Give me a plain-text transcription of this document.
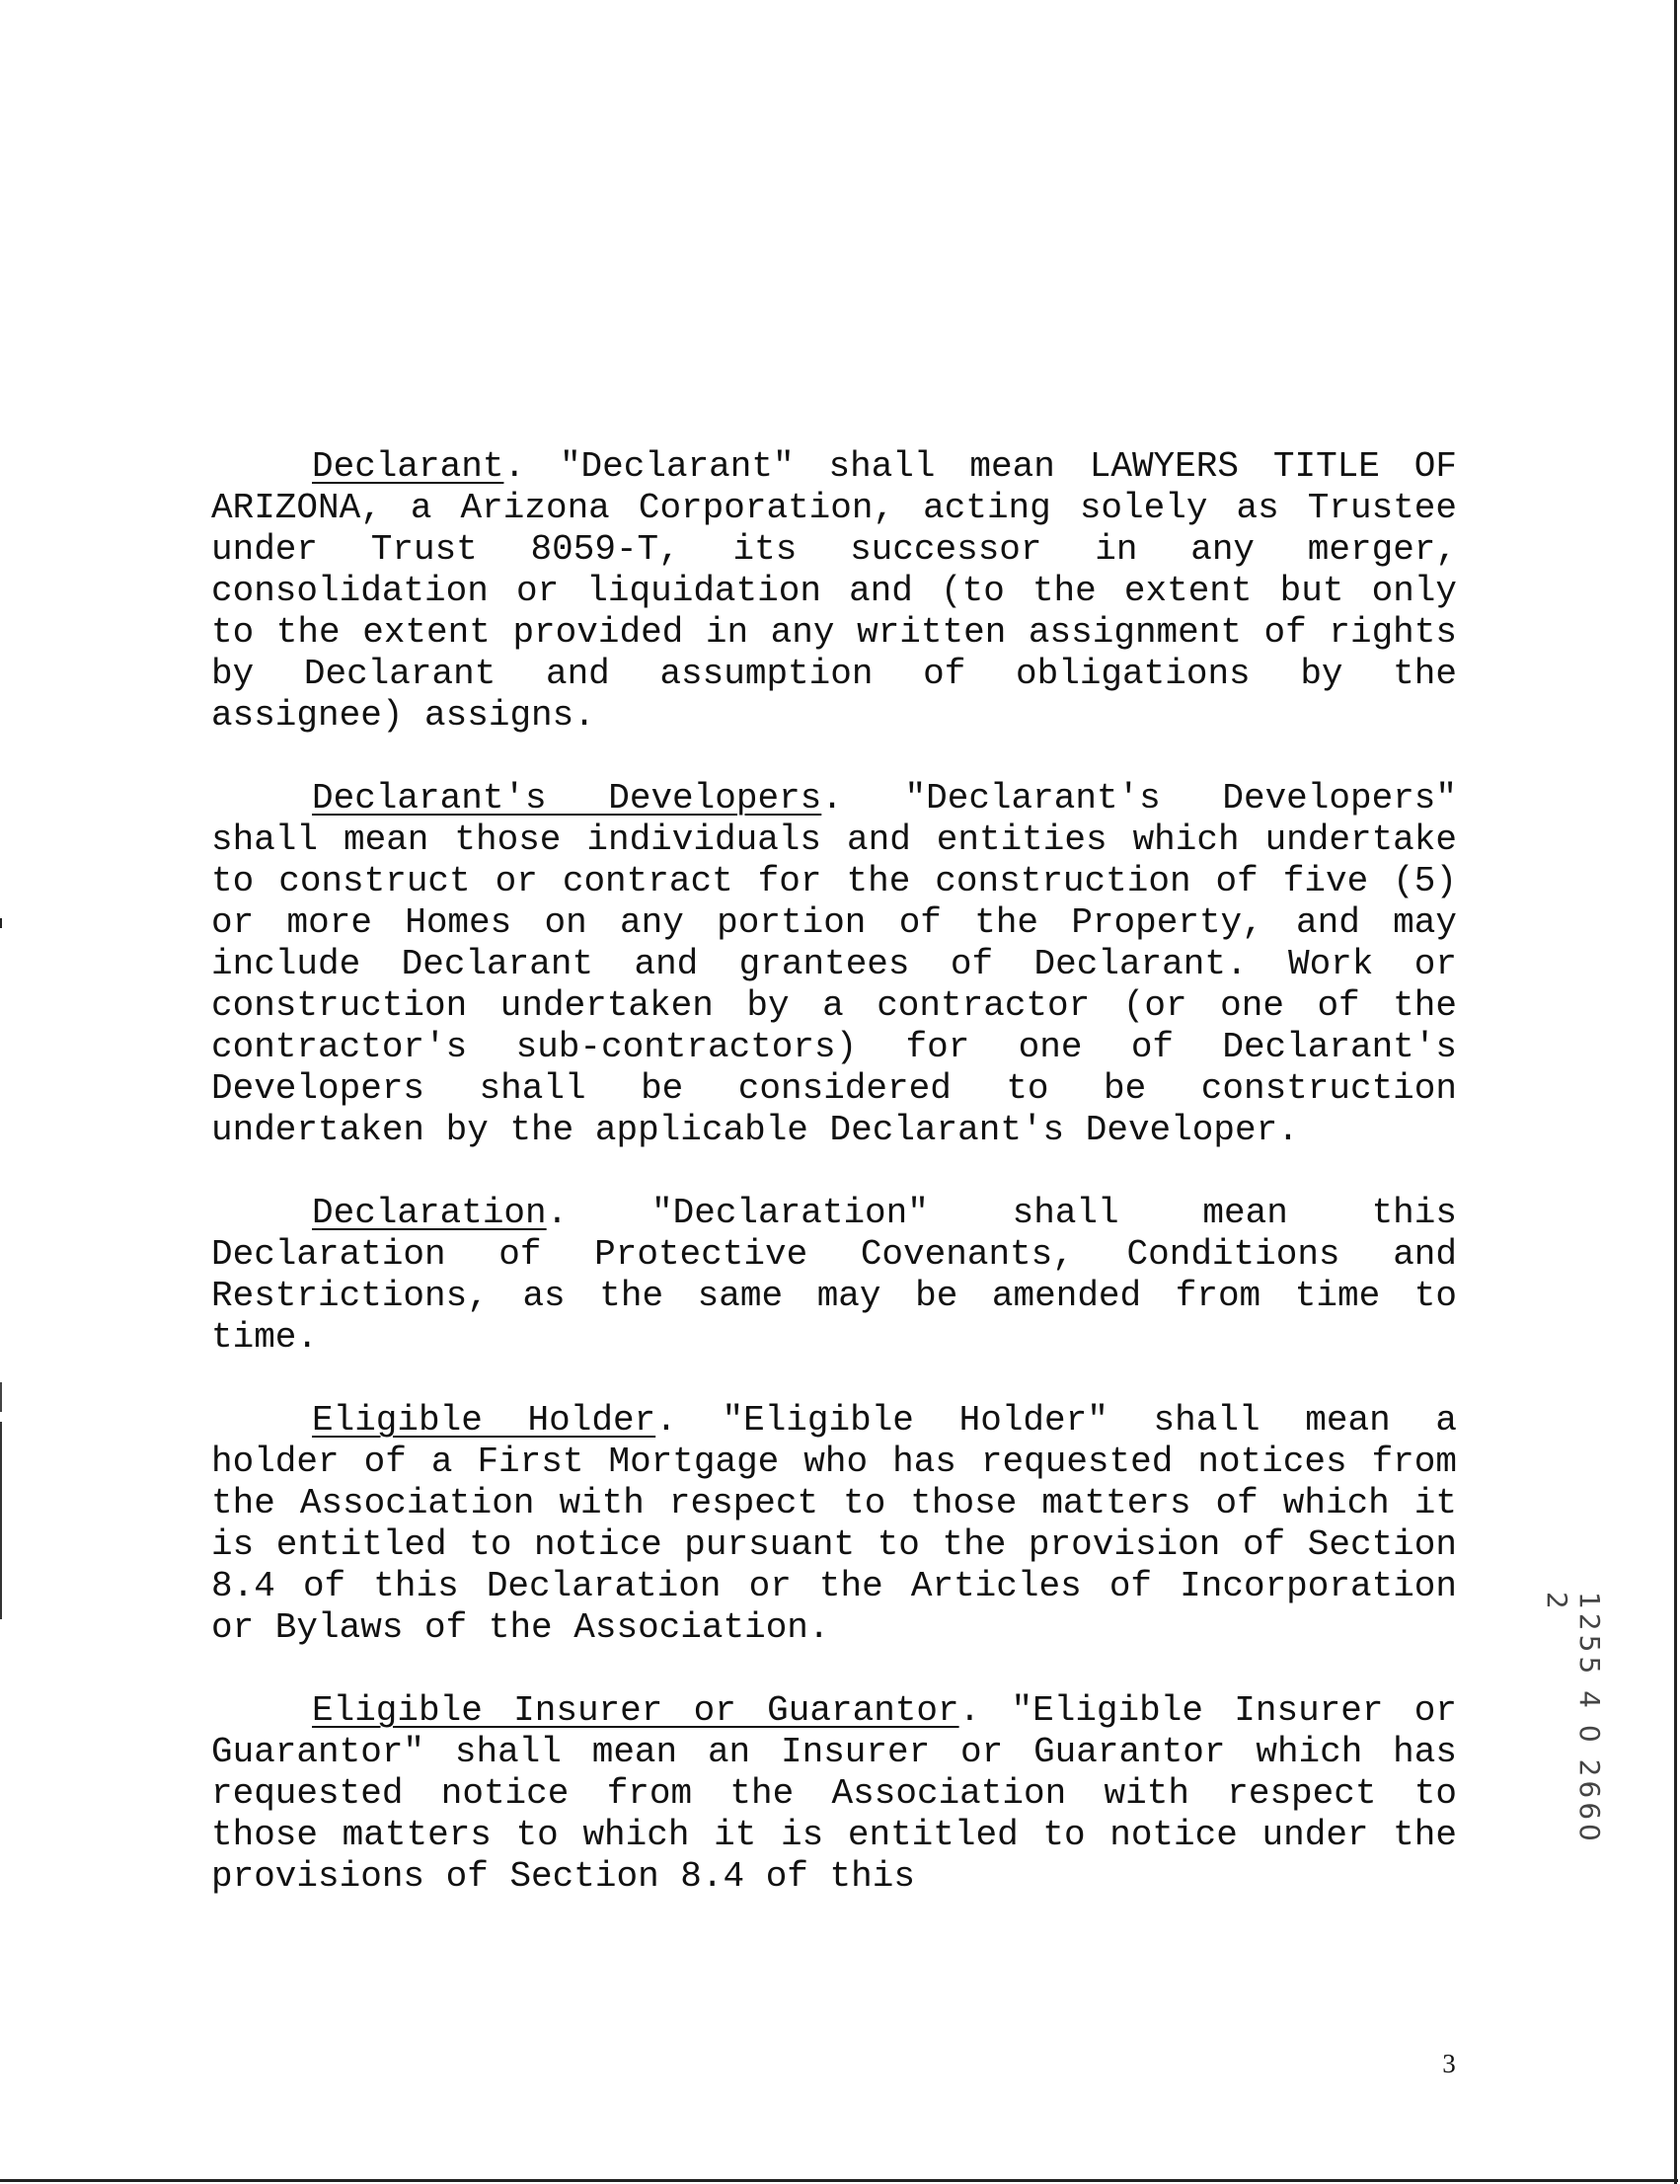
Declarant. "Declarant" shall mean LAWYERS TITLE OF ARIZONA, a Arizona Corporation, acting solely as Trustee under Trust 8059-T, its successor in any merger, consolidation or liquidation and (to the extent but only to the extent provided in any written assignment of rights by Declarant and assumption of obligations by the assignee) assigns.

Declarant's Developers. "Declarant's Developers" shall mean those individuals and entities which undertake to construct or contract for the construction of five (5) or more Homes on any portion of the Property, and may include Declarant and grantees of Declarant. Work or construction undertaken by a contractor (or one of the contractor's sub-contractors) for one of Declarant's Developers shall be considered to be construction undertaken by the applicable Declarant's Developer.

Declaration. "Declaration" shall mean this Declaration of Protective Covenants, Conditions and Restrictions, as the same may be amended from time to time.

Eligible Holder. "Eligible Holder" shall mean a holder of a First Mortgage who has requested notices from the Association with respect to those matters of which it is entitled to notice pursuant to the provision of Section 8.4 of this Declaration or the Articles of Incorporation or Bylaws of the Association.

Eligible Insurer or Guarantor. "Eligible Insurer or Guarantor" shall mean an Insurer or Guarantor which has requested notice from the Association with respect to those matters to which it is entitled to notice under the provisions of Section 8.4 of this

1255 4 0 2660 2
3
